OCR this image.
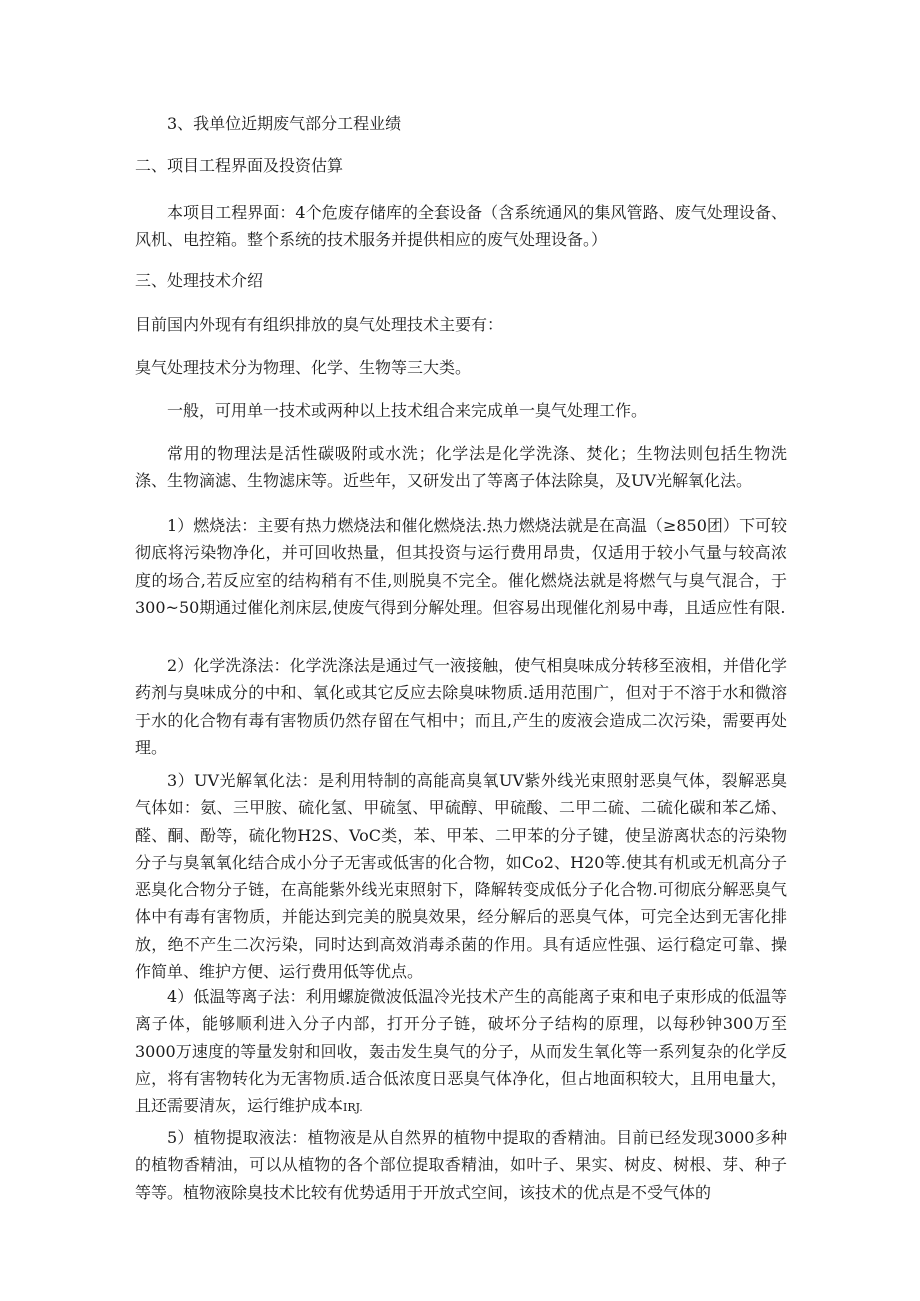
3、我单位近期废气部分工程业绩

二、项目工程界面及投资估算

本项目工程界面：4个危废存储库的全套设备（含系统通风的集风管路、废气处理设备、风机、电控箱。整个系统的技术服务并提供相应的废气处理设备。）

三、处理技术介绍

目前国内外现有有组织排放的臭气处理技术主要有：

臭气处理技术分为物理、化学、生物等三大类。

一般，可用单一技术或两种以上技术组合来完成单一臭气处理工作。

常用的物理法是活性碳吸附或水洗；化学法是化学洗涤、焚化；生物法则包括生物洗涤、生物滴滤、生物滤床等。近些年，又研发出了等离子体法除臭，及UV光解氧化法。

1）燃烧法：主要有热力燃烧法和催化燃烧法.热力燃烧法就是在高温（≥850团）下可较彻底将污染物净化，并可回收热量，但其投资与运行费用昂贵，仅适用于较小气量与较高浓度的场合,若反应室的结构稍有不佳,则脱臭不完全。催化燃烧法就是将燃气与臭气混合，于300~50期通过催化剂床层,使废气得到分解处理。但容易出现催化剂易中毒，且适应性有限.

2）化学洗涤法：化学洗涤法是通过气一液接触，使气相臭味成分转移至液相，并借化学药剂与臭味成分的中和、氧化或其它反应去除臭味物质.适用范围广，但对于不溶于水和微溶于水的化合物有毒有害物质仍然存留在气相中；而且,产生的废液会造成二次污染，需要再处理。

3）UV光解氧化法：是利用特制的高能高臭氧UV紫外线光束照射恶臭气体，裂解恶臭气体如：氨、三甲胺、硫化氢、甲硫氢、甲硫醇、甲硫酸、二甲二硫、二硫化碳和苯乙烯、醛、酮、酚等，硫化物H2S、VoC类，苯、甲苯、二甲苯的分子键，使呈游离状态的污染物分子与臭氧氧化结合成小分子无害或低害的化合物，如Co2、H20等.使其有机或无机高分子恶臭化合物分子链，在高能紫外线光束照射下，降解转变成低分子化合物.可彻底分解恶臭气体中有毒有害物质，并能达到完美的脱臭效果，经分解后的恶臭气体，可完全达到无害化排放，绝不产生二次污染，同时达到高效消毒杀菌的作用。具有适应性强、运行稳定可靠、操作简单、维护方便、运行费用低等优点。

4）低温等离子法：利用螺旋微波低温冷光技术产生的高能离子束和电子束形成的低温等离子体，能够顺利进入分子内部，打开分子链，破坏分子结构的原理，以每秒钟300万至3000万速度的等量发射和回收，轰击发生臭气的分子，从而发生氧化等一系列复杂的化学反应，将有害物转化为无害物质.适合低浓度日恶臭气体净化，但占地面积较大，且用电量大，且还需要清灰，运行维护成本IRJ.

5）植物提取液法：植物液是从自然界的植物中提取的香精油。目前已经发现3000多种的植物香精油，可以从植物的各个部位提取香精油，如叶子、果实、树皮、树根、芽、种子等等。植物液除臭技术比较有优势适用于开放式空间，该技术的优点是不受气体的
